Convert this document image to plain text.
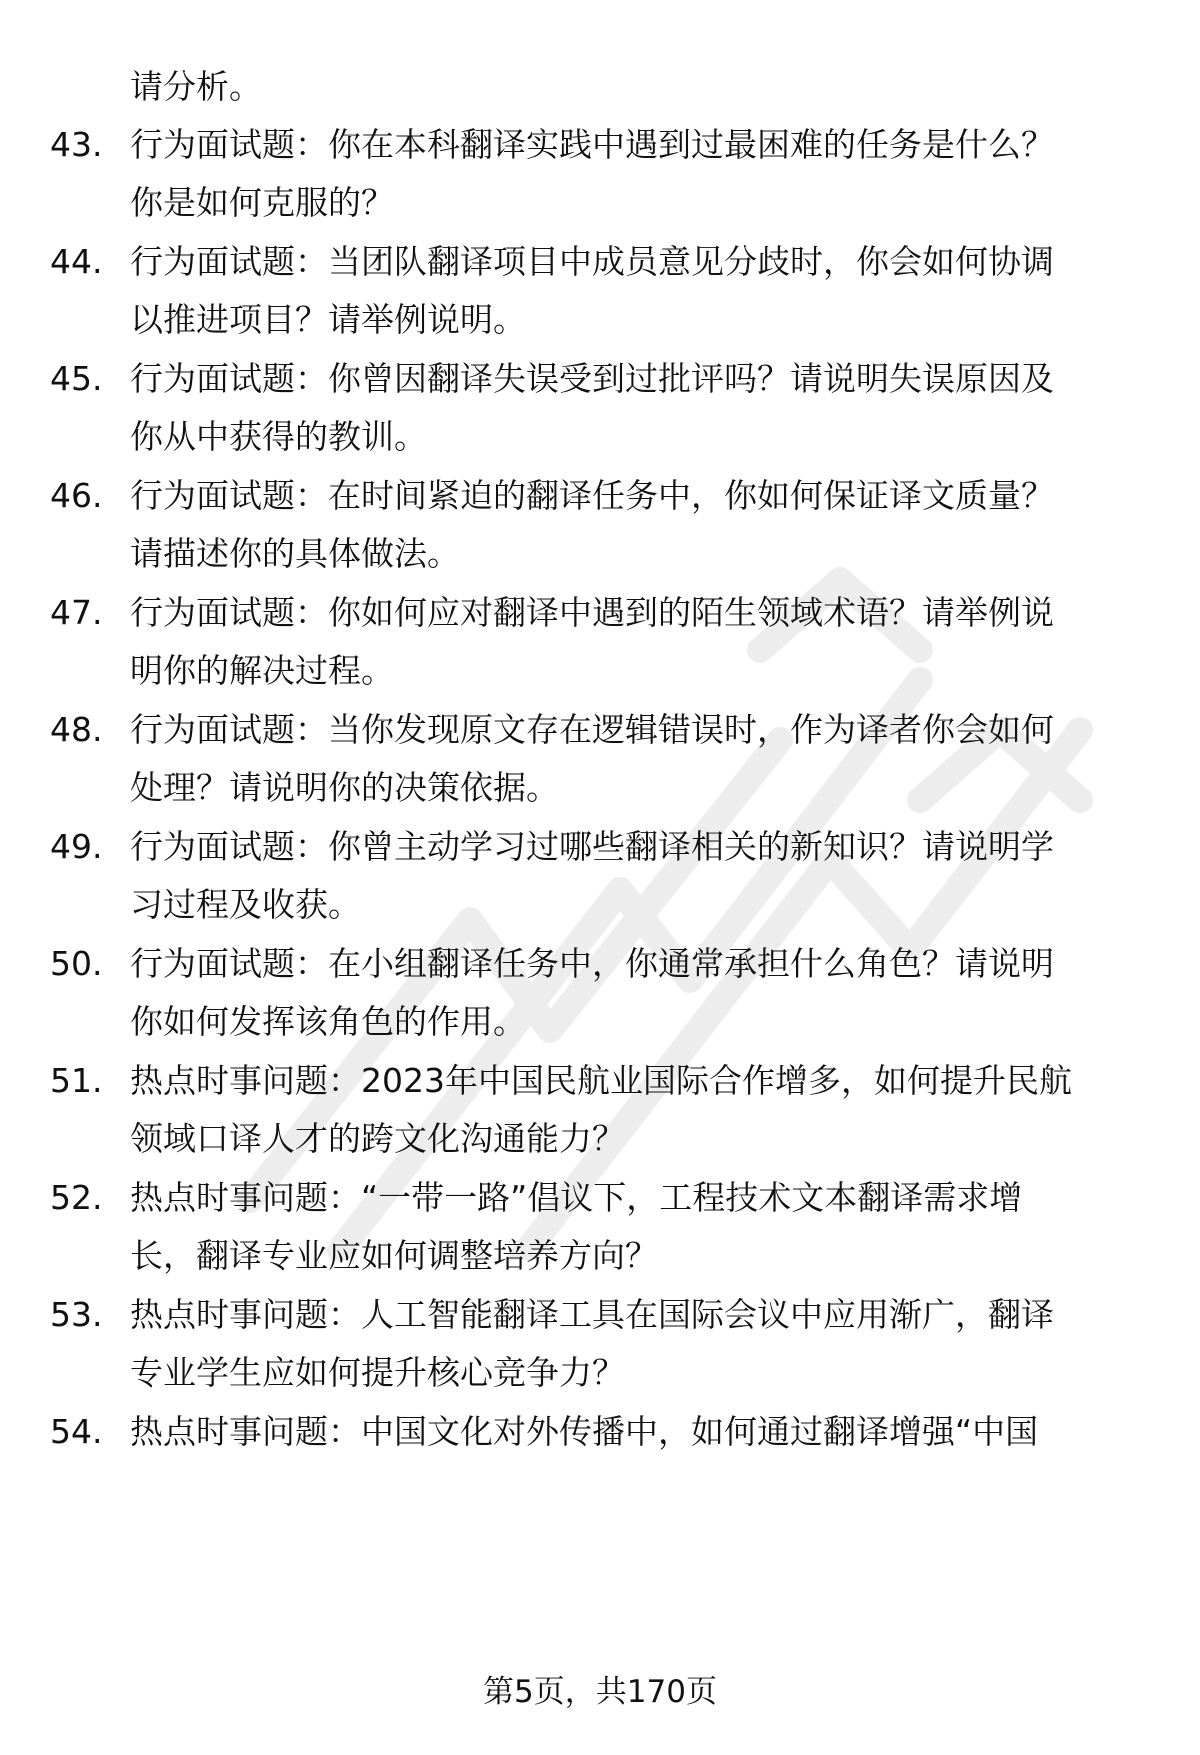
请分析。
43. 行为面试题：你在本科翻译实践中遇到过最困难的任务是什么？
你是如何克服的？
44. 行为面试题：当团队翻译项目中成员意见分歧时，你会如何协调
以推进项目？请举例说明。
45. 行为面试题：你曾因翻译失误受到过批评吗？请说明失误原因及
你从中获得的教训。
46. 行为面试题：在时间紧迫的翻译任务中，你如何保证译文质量？
请描述你的具体做法。
47. 行为面试题：你如何应对翻译中遇到的陌生领域术语？请举例说
明你的解决过程。
48. 行为面试题：当你发现原文存在逻辑错误时，作为译者你会如何
处理？请说明你的决策依据。
49. 行为面试题：你曾主动学习过哪些翻译相关的新知识？请说明学
习过程及收获。
50. 行为面试题：在小组翻译任务中，你通常承担什么角色？请说明
你如何发挥该角色的作用。
51. 热点时事问题：2023年中国民航业国际合作增多，如何提升民航
领域口译人才的跨文化沟通能力？
52. 热点时事问题：“一带一路”倡议下，工程技术文本翻译需求增
长，翻译专业应如何调整培养方向？
53. 热点时事问题：人工智能翻译工具在国际会议中应用渐广，翻译
专业学生应如何提升核心竞争力？
54. 热点时事问题：中国文化对外传播中，如何通过翻译增强“中国
第5页，共170页
